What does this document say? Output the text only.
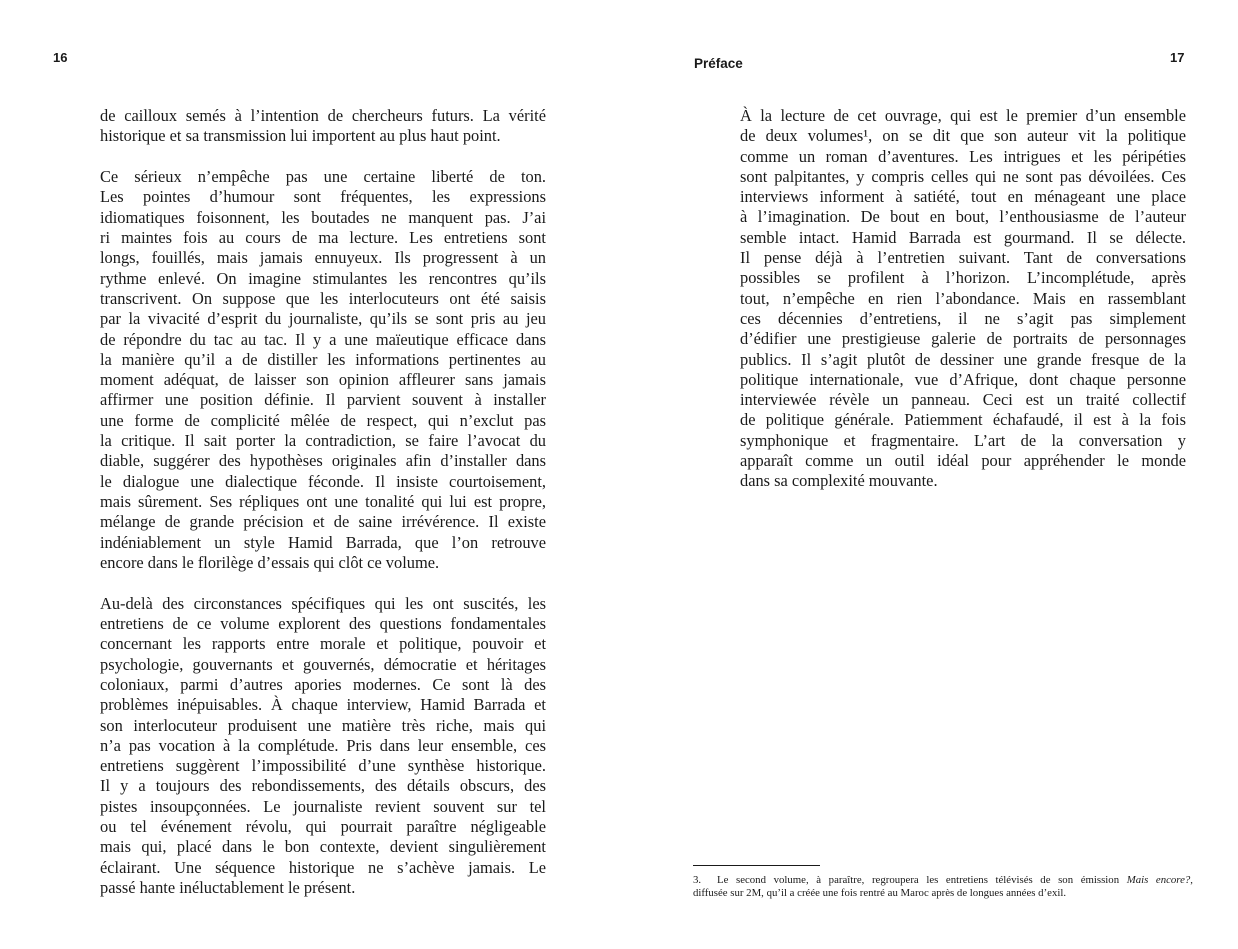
16	Préface	17
de cailloux semés à l’intention de chercheurs futurs. La vérité
historique et sa transmission lui importent au plus haut point.
Ce sérieux n’empêche pas une certaine liberté de ton.
Les pointes d’humour sont fréquentes, les expressions
idiomatiques foisonnent, les boutades ne manquent pas. J’ai
ri maintes fois au cours de ma lecture. Les entretiens sont
longs, fouillés, mais jamais ennuyeux. Ils progressent à un
rythme enlevé. On imagine stimulantes les rencontres qu’ils
transcrivent. On suppose que les interlocuteurs ont été saisis
par la vivacité d’esprit du journaliste, qu’ils se sont pris au jeu
de répondre du tac au tac. Il y a une maïeutique efficace dans
la manière qu’il a de distiller les informations pertinentes au
moment adéquat, de laisser son opinion affleurer sans jamais
affirmer une position définie. Il parvient souvent à installer
une forme de complicité mêlée de respect, qui n’exclut pas
la critique. Il sait porter la contradiction, se faire l’avocat du
diable, suggérer des hypothèses originales afin d’installer dans
le dialogue une dialectique féconde. Il insiste courtoisement,
mais sûrement. Ses répliques ont une tonalité qui lui est propre,
mélange de grande précision et de saine irrévérence. Il existe
indéniablement un style Hamid Barrada, que l’on retrouve
encore dans le florilège d’essais qui clôt ce volume.
Au-delà des circonstances spécifiques qui les ont suscités, les
entretiens de ce volume explorent des questions fondamentales
concernant les rapports entre morale et politique, pouvoir et
psychologie, gouvernants et gouvernés, démocratie et héritages
coloniaux, parmi d’autres apories modernes. Ce sont là des
problèmes inépuisables. À chaque interview, Hamid Barrada et
son interlocuteur produisent une matière très riche, mais qui
n’a pas vocation à la complétude. Pris dans leur ensemble, ces
entretiens suggèrent l’impossibilité d’une synthèse historique.
Il y a toujours des rebondissements, des détails obscurs, des
pistes insoupçonnées. Le journaliste revient souvent sur tel
ou tel événement révolu, qui pourrait paraître négligeable
mais qui, placé dans le bon contexte, devient singulièrement
éclairant. Une séquence historique ne s’achève jamais. Le
passé hante inéluctablement le présent.
À la lecture de cet ouvrage, qui est le premier d’un ensemble
de deux volumes¹, on se dit que son auteur vit la politique
comme un roman d’aventures. Les intrigues et les péripéties
sont palpitantes, y compris celles qui ne sont pas dévoilées. Ces
interviews informent à satiété, tout en ménageant une place
à l’imagination. De bout en bout, l’enthousiasme de l’auteur
semble intact. Hamid Barrada est gourmand. Il se délecte.
Il pense déjà à l’entretien suivant. Tant de conversations
possibles se profilent à l’horizon. L’incomplétude, après
tout, n’empêche en rien l’abondance. Mais en rassemblant
ces décennies d’entretiens, il ne s’agit pas simplement
d’édifier une prestigieuse galerie de portraits de personnages
publics. Il s’agit plutôt de dessiner une grande fresque de la
politique internationale, vue d’Afrique, dont chaque personne
interviewée révèle un panneau. Ceci est un traité collectif
de politique générale. Patiemment échafaudé, il est à la fois
symphonique et fragmentaire. L’art de la conversation y
apparaît comme un outil idéal pour appréhender le monde
dans sa complexité mouvante.
3. Le second volume, à paraître, regroupera les entretiens télévisés de son émission Mais encore?,
diffusée sur 2M, qu’il a créée une fois rentré au Maroc après de longues années d’exil.
